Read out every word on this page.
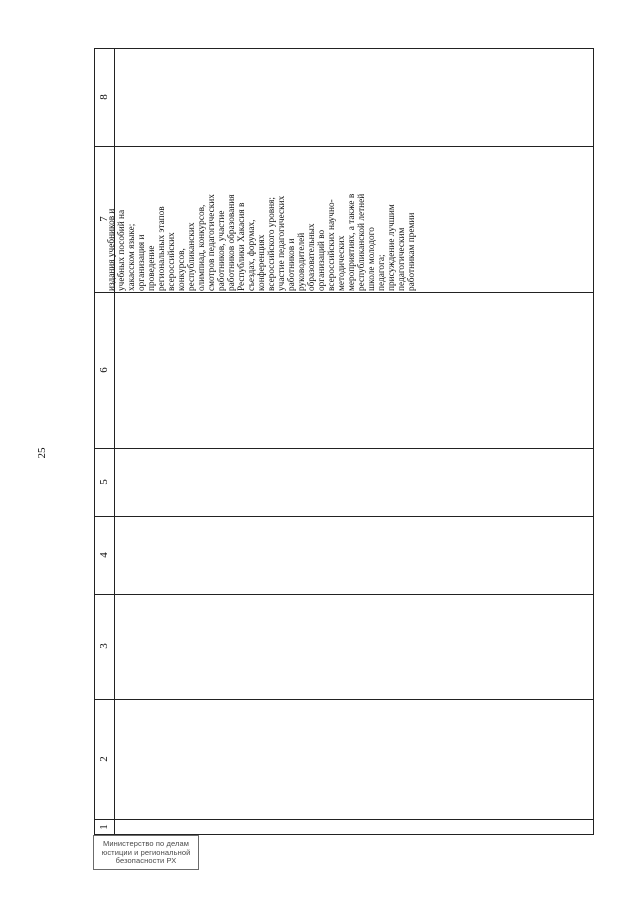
25
8
7
6
5
4
3
2
1
издания учебников и учебных пособий на хакасском языке; организация и проведение региональных этапов всероссийских конкурсов, республиканских олимпиад, конкурсов, смотров педагогических работников, участие работников образования Республики Хакасия в съездах, форумах, конференциях всероссийского уровня; участие педагогических работников и руководителей образовательных организаций во всероссийских научно- методических мероприятиях, а также в республиканской летней школе молодого педагога; присуждение лучшим педагогическим работникам премии
Министерство по делам
юстиции и региональной
безопасности РХ
